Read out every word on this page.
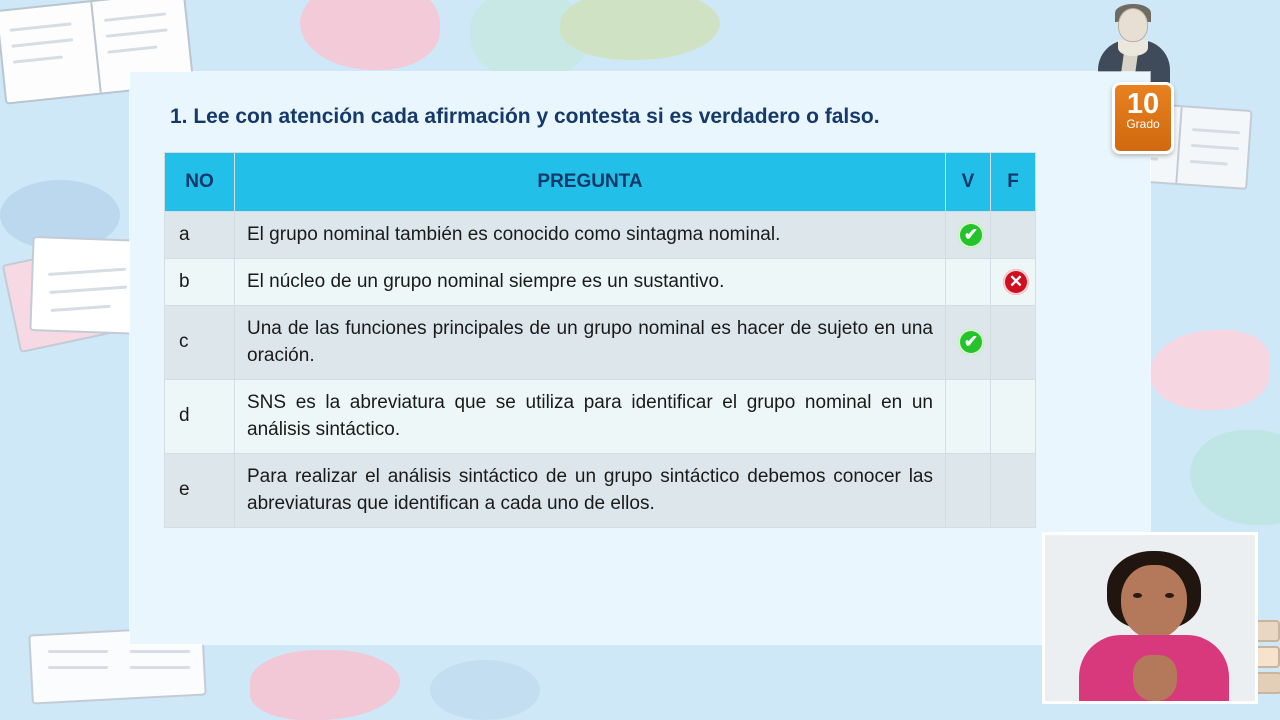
1. Lee con atención cada afirmación y contesta si es verdadero o falso.
NO	PREGUNTA	V	F
a	El grupo nominal también es conocido como sintagma nominal.	✔	
b	El núcleo de un grupo nominal siempre es un sustantivo.		✕
c	Una de las funciones principales de un grupo nominal es hacer de sujeto en una oración.	✔	
d	SNS es la abreviatura que se utiliza para identificar el grupo nominal en un análisis sintáctico.		
e	Para realizar el análisis sintáctico de un grupo sintáctico debemos conocer las abreviaturas que identifican a cada uno de ellos.		
10
Grado
